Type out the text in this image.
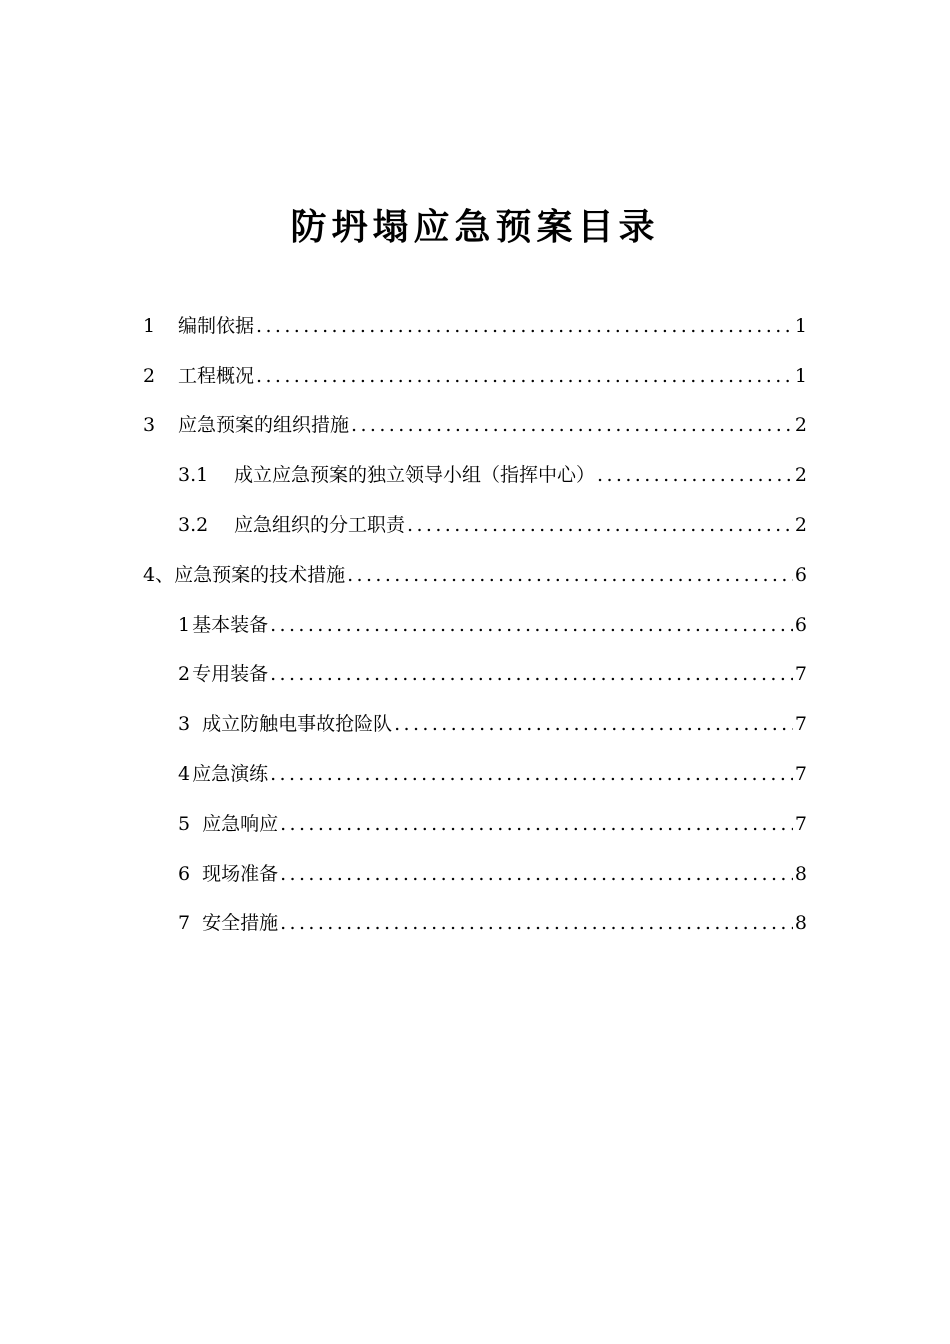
防坍塌应急预案目录
1	编制依据 .....	1
2	工程概况 .....	1
3	应急预案的组织措施 .....	2
3.1	成立应急预案的独立领导小组（指挥中心） .....	2
3.2	应急组织的分工职责 .....	2
4、 应急预案的技术措施 .....	6
1 基本装备 .....	6
2 专用装备 .....	7
3 成立防触电事故抢险队 .....	7
4 应急演练 .....	7
5 应急响应 .....	7
6 现场准备 .....	8
7 安全措施 .....	8
